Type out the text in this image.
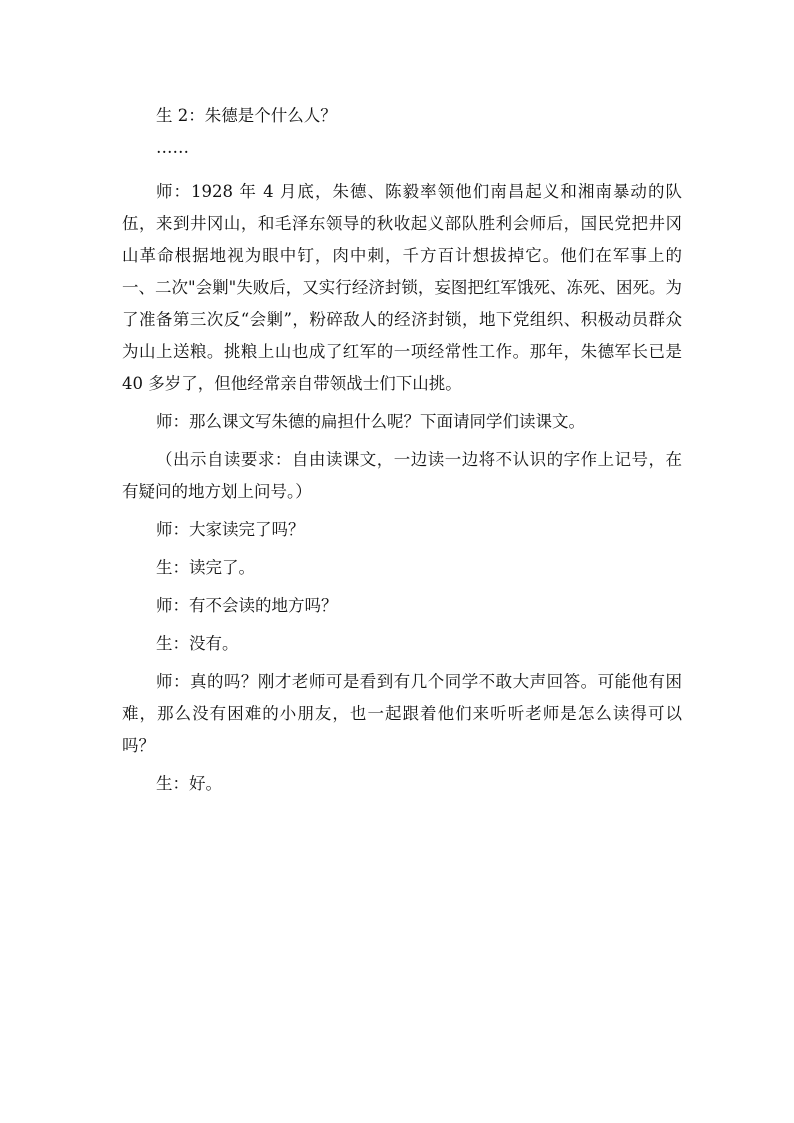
生 2：朱德是个什么人？

……

师：1928 年 4 月底，朱德、陈毅率领他们南昌起义和湘南暴动的队伍，来到井冈山，和毛泽东领导的秋收起义部队胜利会师后，国民党把井冈山革命根据地视为眼中钉，肉中刺，千方百计想拔掉它。他们在军事上的一、二次"会剿"失败后，又实行经济封锁，妄图把红军饿死、冻死、困死。为了准备第三次反“会剿”，粉碎敌人的经济封锁，地下党组织、积极动员群众为山上送粮。挑粮上山也成了红军的一项经常性工作。那年，朱德军长已是 40 多岁了，但他经常亲自带领战士们下山挑。

师：那么课文写朱德的扁担什么呢？下面请同学们读课文。

（出示自读要求：自由读课文，一边读一边将不认识的字作上记号，在有疑问的地方划上问号。）

师：大家读完了吗？

生：读完了。

师：有不会读的地方吗？

生：没有。

师：真的吗？刚才老师可是看到有几个同学不敢大声回答。可能他有困难，那么没有困难的小朋友，也一起跟着他们来听听老师是怎么读得可以吗？

生：好。
